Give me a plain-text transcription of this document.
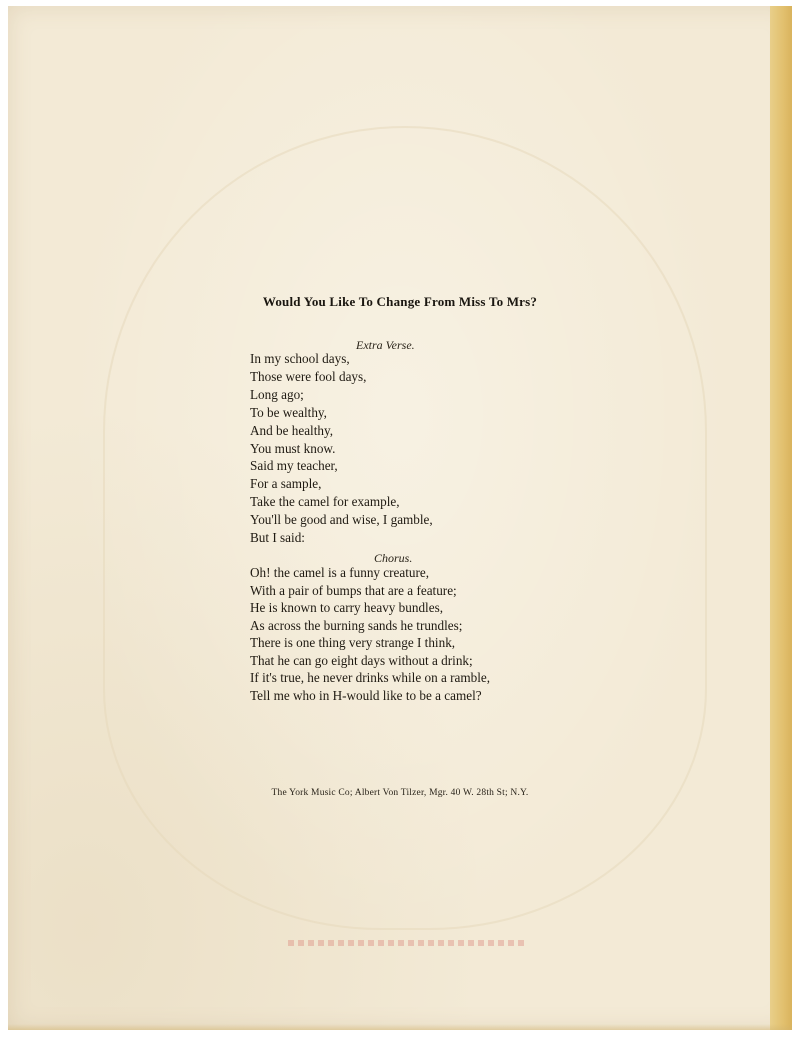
Would You Like To Change From Miss To Mrs?
Extra Verse.
In my school days,
Those were fool days,
Long ago;
To be wealthy,
And be healthy,
You must know.
Said my teacher,
For a sample,
Take the camel for example,
You'll be good and wise, I gamble,
But I said:
Chorus.
Oh! the camel is a funny creature,
With a pair of bumps that are a feature;
He is known to carry heavy bundles,
As across the burning sands he trundles;
There is one thing very strange I think,
That he can go eight days without a drink;
If it's true, he never drinks while on a ramble,
Tell me who in H-would like to be a camel?
The York Music Co; Albert Von Tilzer, Mgr. 40 W. 28th St; N.Y.
